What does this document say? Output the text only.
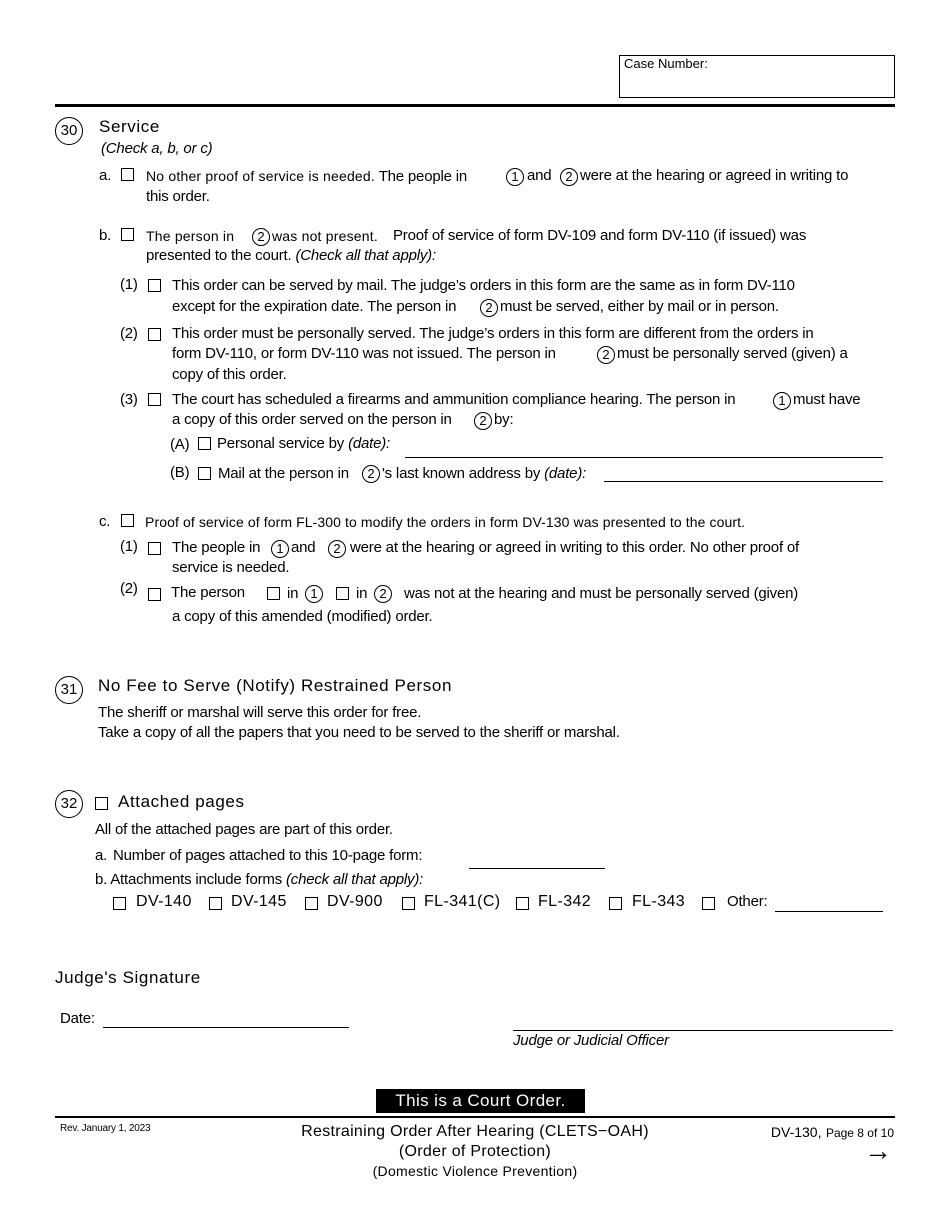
Case Number:
30	Service
(Check a, b, or c)
a. No other proof of service is needed. The people in	1 and	2 were at the hearing or agreed in writing to
this order.
b. The person in	2 was not present. Proof of service of form DV-109 and form DV-110 (if issued) was
presented to the court. (Check all that apply):
(1) This order can be served by mail. The judge’s orders in this form are the same as in form DV-110
except for the expiration date. The person in	2 must be served, either by mail or in person.
(2) This order must be personally served. The judge’s orders in this form are different from the orders in
form DV-110, or form DV-110 was not issued. The person in	2 must be personally served (given) a
copy of this order.
(3) The court has scheduled a firearms and ammunition compliance hearing. The person in	1 must have
a copy of this order served on the person in	2 by:
(A) Personal service by (date):
(B) Mail at the person in	2 's last known address by (date):
c. Proof of service of form FL-300 to modify the orders in form DV-130 was presented to the court.
(1) The people in	1 and	2 were at the hearing or agreed in writing to this order. No other proof of
service is needed.
(2) The person	in 1	in 2	was not at the hearing and must be personally served (given)
a copy of this amended (modified) order.
31	No Fee to Serve (Notify) Restrained Person
The sheriff or marshal will serve this order for free.
Take a copy of all the papers that you need to be served to the sheriff or marshal.
32	Attached pages
All of the attached pages are part of this order.
a. Number of pages attached to this 10-page form:
b. Attachments include forms (check all that apply):
DV-140 DV-145	DV-900	FL-341(C) FL-342	FL-343	Other:
Judge's Signature
Date:
Judge or Judicial Officer
This is a Court Order.
Rev. January 1, 2023	Restraining Order After Hearing (CLETS−OAH)
(Order of Protection)
(Domestic Violence Prevention)
DV-130, Page 8 of 10
→
